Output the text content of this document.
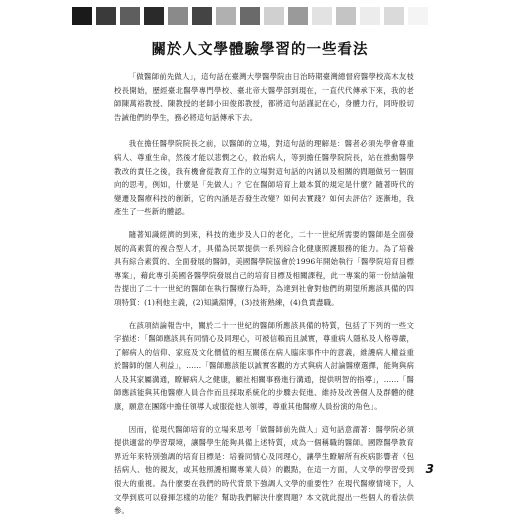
關於人文學體驗學習的一些看法

「做醫師前先做人」，這句話在臺灣大學醫學院由日治時期臺灣總督府醫學校高木友枝校長開始，歷經臺北醫學專門學校、臺北帝大醫學部到現在，一直代代傳承下來，我的老師陳萬裕教授、陳教授的老師小田俊郎教授，都將這句話謹記在心，身體力行，同時殷切告誡他們的學生，務必將這句話傳承下去。

我在擔任醫學院院長之前，以醫師的立場，對這句話的理解是：醫者必須先學會尊重病人、尊重生命，然後才能以悲憫之心，救治病人，等到擔任醫學院院長，站在推動醫學教改的責任之後，我有機會從教育工作的立場對這句話的內涵以及相關的問題做另一個面向的思考，例如，什麼是「先做人」？它在醫師培育上最本質的規定是什麼？隨著時代的變遷及醫療科技的創新，它的內涵是否發生改變？如何去實踐？如何去評估？逐漸地，我產生了一些新的體認。

隨著知識經濟的到來，科技的進步及人口的老化，二十一世紀所需要的醫師是全面發展的高素質的複合型人才，具備為民眾提供一系列綜合化健康照護服務的能力。為了培養具有綜合素質的、全面發展的醫師，美國醫學院協會於1996年開始執行「醫學院培育目標專案」，藉此專引美國各醫學院發展自己的培育目標及相關課程，此一專案的第一份結論報告提出了二十一世紀的醫師在執行醫療行為時，為達到社會對他們的期望所應該具備的四項特質：(1)利他主義，(2)知識淵博，(3)技術熟練，(4)負責盡職。

在該項結論報告中，關於二十一世紀的醫師所應該具備的特質，包括了下列的一些文字描述：「醫師應該具有同情心及同理心，可被信賴而且誠實，尊重病人隱私及人格尊嚴，了解病人的信仰、家庭及文化價值的相互關係在病人臨床事件中的意義，維護病人權益重於醫師的個人利益」，……「醫師應該能以誠實客觀的方式與病人討論醫療選擇，能夠與病人及其家屬溝通，瞭解病人之健康，顧社相關事務進行溝通，提供明智的指導」，……「醫師應該能與其他醫療人員合作而且採取系統化的步驟去促進、維持及改善個人及群體的健康，願意在團隊中擔任領導人或服從他人領導，尊重其他醫療人員扮演的角色」。

因而，從現代醫師培育的立場來思考「做醫師前先做人」這句話意謂著：醫學院必須提供適當的學習環境，讓醫學生能夠具備上述特質，成為一個稱職的醫師。國際醫學教育界近年來特別強調的培育目標是：培養同情心及同理心，讓學生瞭解所有疾病影響者（包括病人、他的親友，或其他照護相關專業人員）的觀點，在這一方面，人文學的學習受到很大的重視。為什麼要在我們的時代背景下強調人文學的重要性？在現代醫療情境下，人文學到底可以發揮怎樣的功能？幫助我們解決什麼問題？本文就此提出一些個人的看法供參。

3
